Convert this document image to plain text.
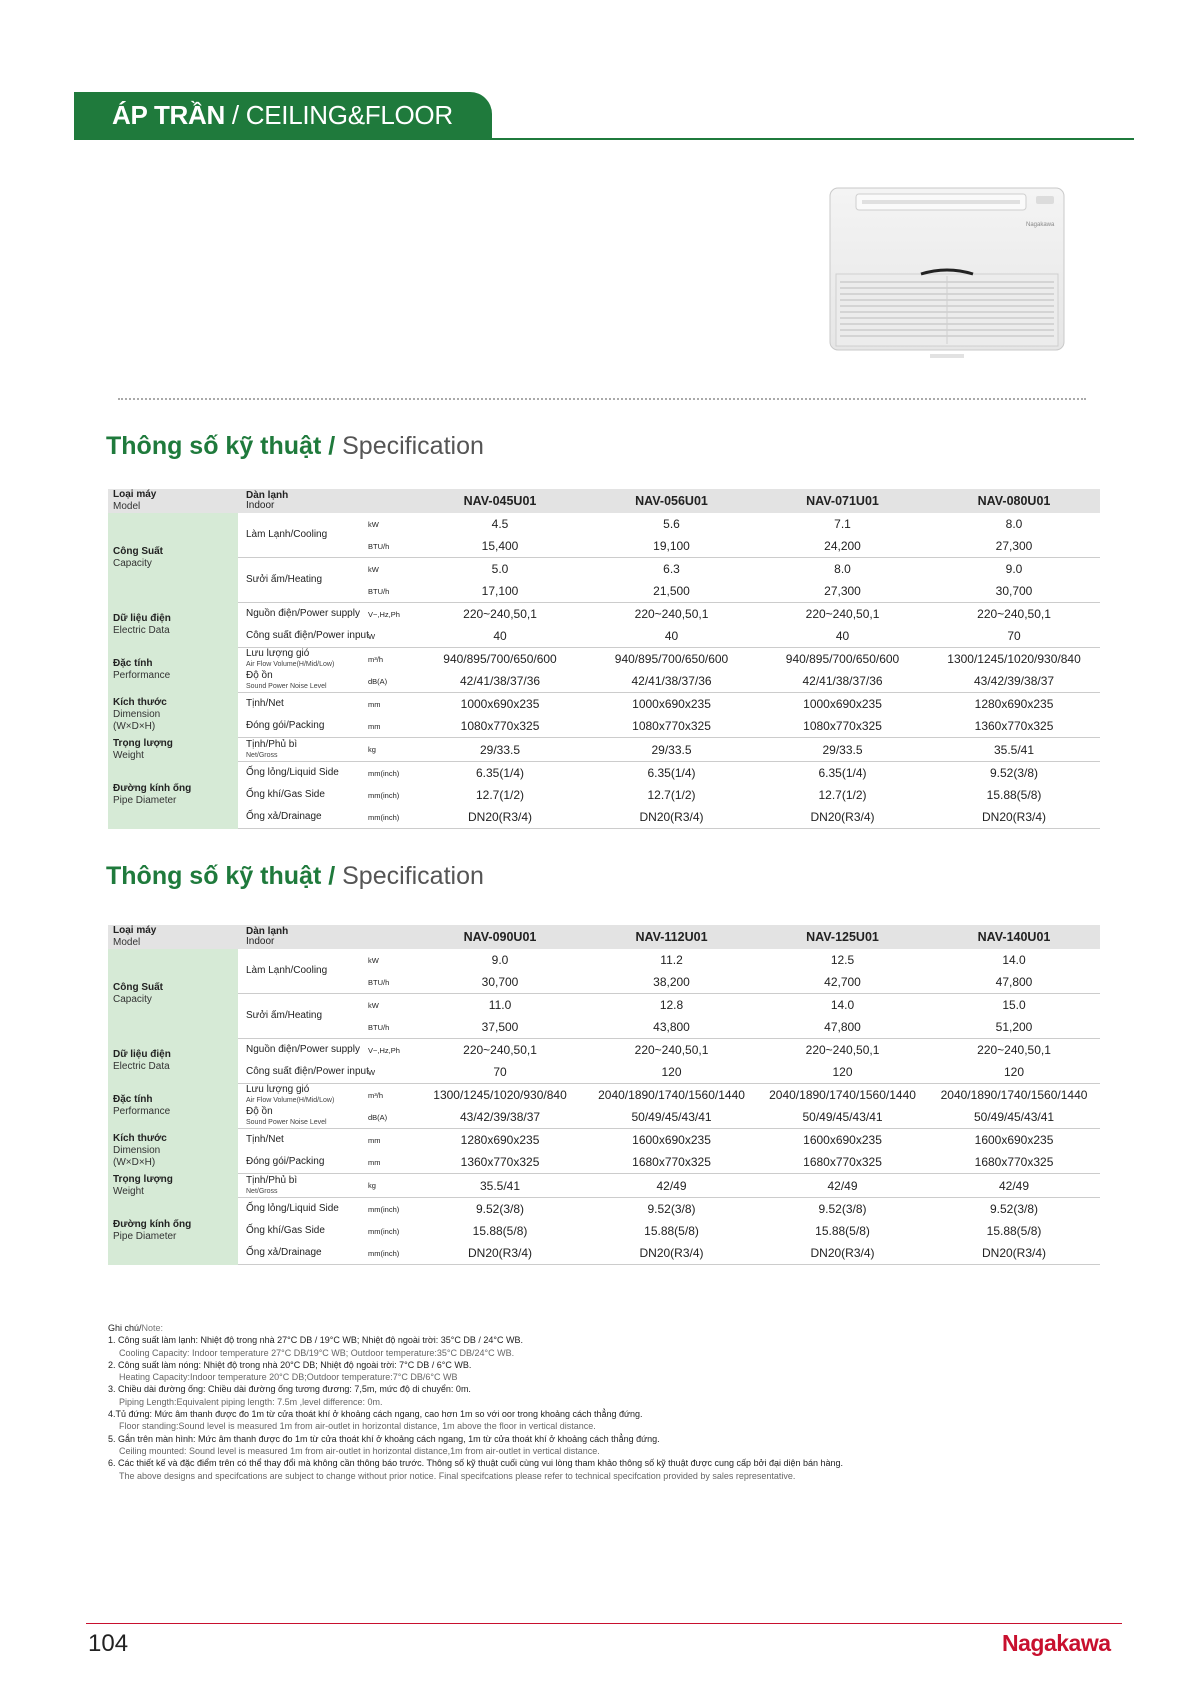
ÁP TRẦN / CEILING&FLOOR
Nagakawa
Thông số kỹ thuật / Specification
Loại máy
Model	Dàn lạnh
Indoor		NAV-045U01	NAV-056U01	NAV-071U01	NAV-080U01
Công Suất
Capacity	Làm Lạnh/Cooling	kW	4.5	5.6	7.1	8.0
		BTU/h	15,400	19,100	24,200	27,300
	Sưởi ấm/Heating	kW	5.0	6.3	8.0	9.0
		BTU/h	17,100	21,500	27,300	30,700
Dữ liệu điện
Electric Data	Nguồn điện/Power supply	V~,Hz,Ph	220~240,50,1	220~240,50,1	220~240,50,1	220~240,50,1
	Công suất điện/Power input	W	40	40	40	70
Đặc tính
Performance	Lưu lượng gió
Air Flow Volume(H/Mid/Low)	m³/h	940/895/700/650/600	940/895/700/650/600	940/895/700/650/600	1300/1245/1020/930/840
	Độ ồn
Sound Power Noise Level	dB(A)	42/41/38/37/36	42/41/38/37/36	42/41/38/37/36	43/42/39/38/37
Kích thước
Dimension
(W×D×H)	Tịnh/Net	mm	1000x690x235	1000x690x235	1000x690x235	1280x690x235
	Đóng gói/Packing	mm	1080x770x325	1080x770x325	1080x770x325	1360x770x325
Trọng lượng
Weight	Tịnh/Phủ bì
Net/Gross	kg	29/33.5	29/33.5	29/33.5	35.5/41
Đường kính ống
Pipe Diameter	Ống lỏng/Liquid Side	mm(inch)	6.35(1/4)	6.35(1/4)	6.35(1/4)	9.52(3/8)
	Ống khí/Gas Side	mm(inch)	12.7(1/2)	12.7(1/2)	12.7(1/2)	15.88(5/8)
	Ống xả/Drainage	mm(inch)	DN20(R3/4)	DN20(R3/4)	DN20(R3/4)	DN20(R3/4)
Thông số kỹ thuật / Specification
Loại máy
Model	Dàn lạnh
Indoor		NAV-090U01	NAV-112U01	NAV-125U01	NAV-140U01
Công Suất
Capacity	Làm Lạnh/Cooling	kW	9.0	11.2	12.5	14.0
		BTU/h	30,700	38,200	42,700	47,800
	Sưởi ấm/Heating	kW	11.0	12.8	14.0	15.0
		BTU/h	37,500	43,800	47,800	51,200
Dữ liệu điện
Electric Data	Nguồn điện/Power supply	V~,Hz,Ph	220~240,50,1	220~240,50,1	220~240,50,1	220~240,50,1
	Công suất điện/Power input	W	70	120	120	120
Đặc tính
Performance	Lưu lượng gió
Air Flow Volume(H/Mid/Low)	m³/h	1300/1245/1020/930/840	2040/1890/1740/1560/1440	2040/1890/1740/1560/1440	2040/1890/1740/1560/1440
	Độ ồn
Sound Power Noise Level	dB(A)	43/42/39/38/37	50/49/45/43/41	50/49/45/43/41	50/49/45/43/41
Kích thước
Dimension
(W×D×H)	Tịnh/Net	mm	1280x690x235	1600x690x235	1600x690x235	1600x690x235
	Đóng gói/Packing	mm	1360x770x325	1680x770x325	1680x770x325	1680x770x325
Trọng lượng
Weight	Tịnh/Phủ bì
Net/Gross	kg	35.5/41	42/49	42/49	42/49
Đường kính ống
Pipe Diameter	Ống lỏng/Liquid Side	mm(inch)	9.52(3/8)	9.52(3/8)	9.52(3/8)	9.52(3/8)
	Ống khí/Gas Side	mm(inch)	15.88(5/8)	15.88(5/8)	15.88(5/8)	15.88(5/8)
	Ống xả/Drainage	mm(inch)	DN20(R3/4)	DN20(R3/4)	DN20(R3/4)	DN20(R3/4)
Ghi chú/Note:
1. Công suất làm lạnh: Nhiệt độ trong nhà 27°C DB / 19°C WB; Nhiệt độ ngoài trời: 35°C DB / 24°C WB.
Cooling Capacity: Indoor temperature 27°C DB/19°C WB; Outdoor temperature:35°C DB/24°C WB.
2. Công suất làm nóng: Nhiệt độ trong nhà 20°C DB; Nhiệt độ ngoài trời: 7°C DB / 6°C WB.
Heating Capacity:Indoor temperature 20°C DB;Outdoor temperature:7°C DB/6°C WB
3. Chiều dài đường ống: Chiều dài đường ống tương đương: 7,5m, mức độ di chuyển: 0m.
Piping Length:Equivalent piping length: 7.5m ,level difference: 0m.
4.Tủ đứng: Mức âm thanh được đo 1m từ cửa thoát khí ở khoảng cách ngang, cao hơn 1m so với oor trong khoảng cách thẳng đứng.
Floor standing:Sound level is measured 1m from air-outlet in horizontal distance, 1m above the floor in vertical distance.
5. Gắn trên màn hình: Mức âm thanh được đo 1m từ cửa thoát khí ở khoảng cách ngang, 1m từ cửa thoát khí ở khoảng cách thẳng đứng.
Ceiling mounted: Sound level is measured 1m from air-outlet in horizontal distance,1m from air-outlet in vertical distance.
6. Các thiết kế và đặc điểm trên có thể thay đổi mà không cần thông báo trước. Thông số kỹ thuật cuối cùng vui lòng tham khảo thông số kỹ thuật được cung cấp bởi đại diện bán hàng.
The above designs and specifcations are subject to change without prior notice. Final specifcations please refer to technical specifcation provided by sales representative.
104	Nagakawa
